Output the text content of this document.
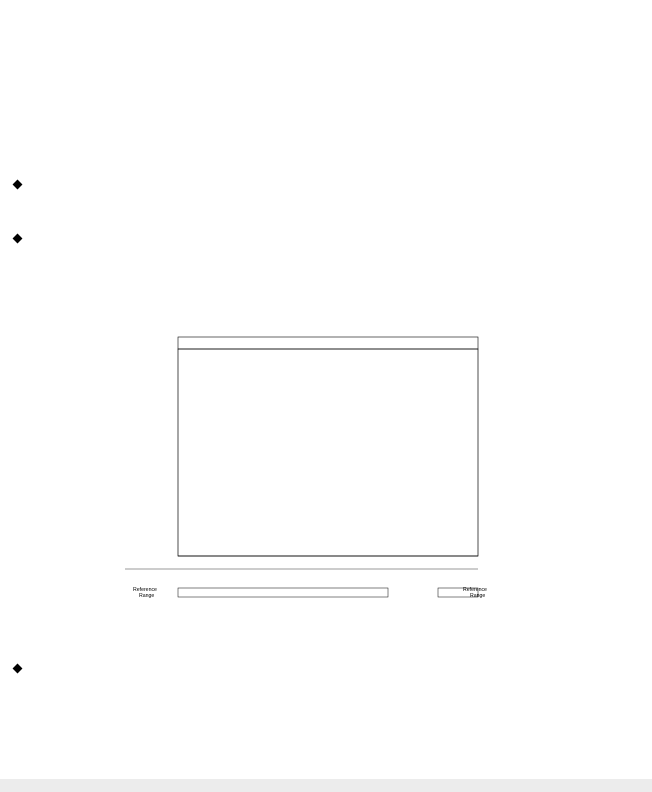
Reference
Range
Reference
Range
